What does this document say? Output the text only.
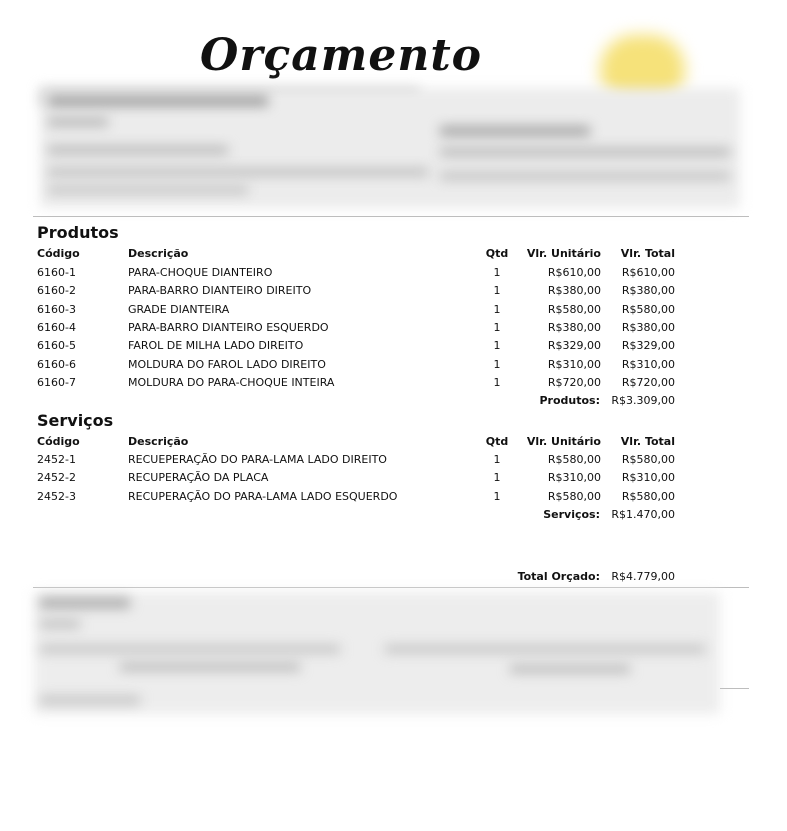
Orçamento
Produtos
Código	Descrição	Qtd	Vlr. Unitário	Vlr. Total
6160-1	PARA-CHOQUE DIANTEIRO	1	R$610,00	R$610,00
6160-2	PARA-BARRO DIANTEIRO DIREITO	1	R$380,00	R$380,00
6160-3	GRADE DIANTEIRA	1	R$580,00	R$580,00
6160-4	PARA-BARRO DIANTEIRO ESQUERDO	1	R$380,00	R$380,00
6160-5	FAROL DE MILHA LADO DIREITO	1	R$329,00	R$329,00
6160-6	MOLDURA DO FAROL LADO DIREITO	1	R$310,00	R$310,00
6160-7	MOLDURA DO PARA-CHOQUE INTEIRA	1	R$720,00	R$720,00
Produtos:	R$3.309,00
Serviços
Código	Descrição	Qtd	Vlr. Unitário	Vlr. Total
2452-1	RECUEPERAÇÃO DO PARA-LAMA LADO DIREITO	1	R$580,00	R$580,00
2452-2	RECUPERAÇÃO DA PLACA	1	R$310,00	R$310,00
2452-3	RECUPERAÇÃO DO PARA-LAMA LADO ESQUERDO	1	R$580,00	R$580,00
Serviços:	R$1.470,00
Total Orçado:	R$4.779,00
